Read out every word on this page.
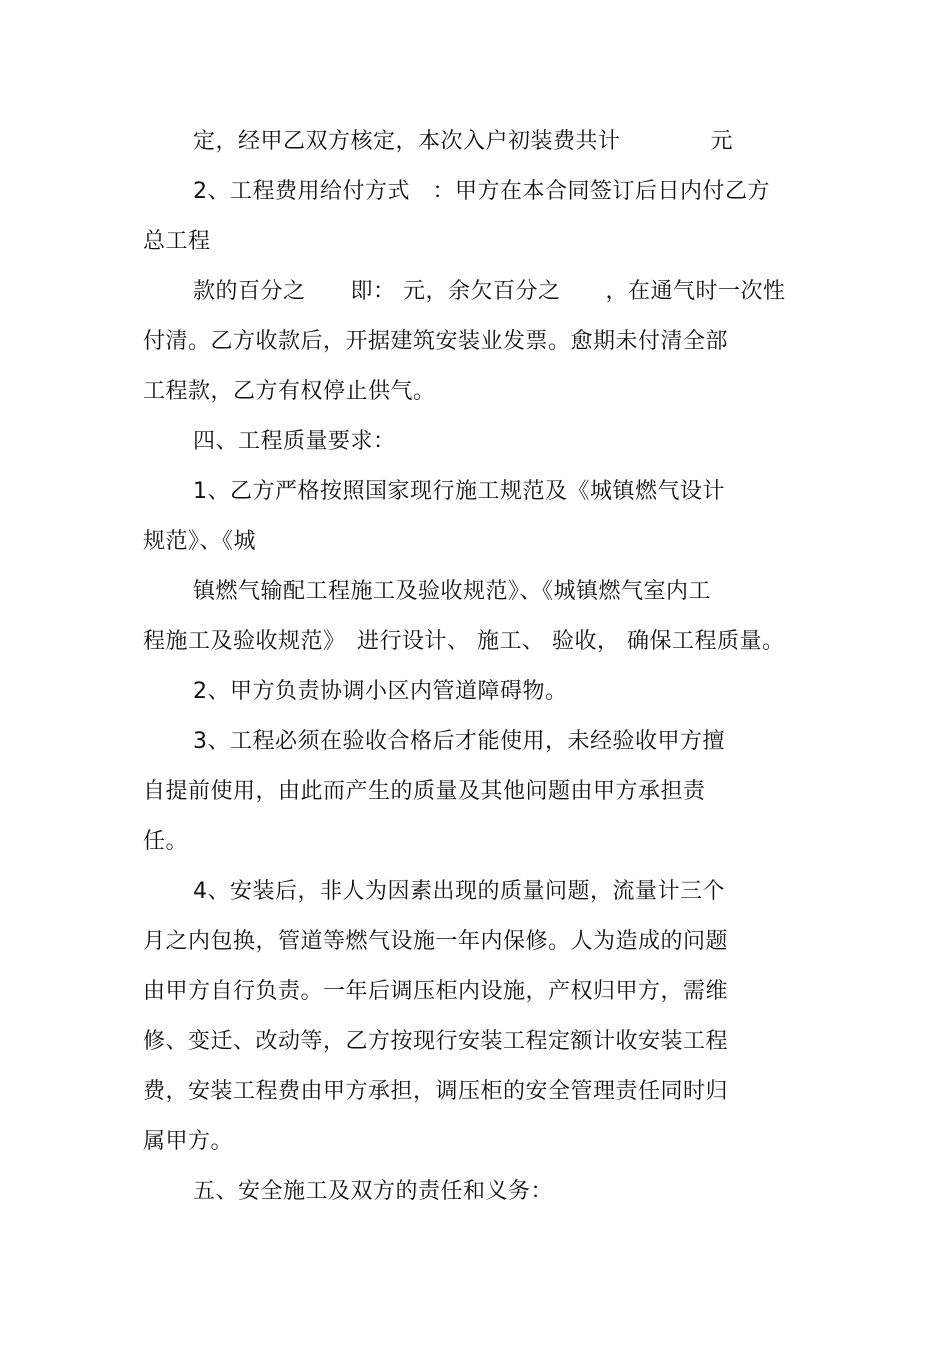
定，经甲乙双方核定，本次入户初装费共计　　　　元
2、工程费用给付方式　：甲方在本合同签订后日内付乙方
总工程
款的百分之　　即： 元，余欠百分之　　，在通气时一次性
付清。乙方收款后，开据建筑安装业发票。愈期未付清全部
工程款，乙方有权停止供气。
四、工程质量要求：
1、乙方严格按照国家现行施工规范及《城镇燃气设计
规范》、《城
镇燃气输配工程施工及验收规范》、《城镇燃气室内工
程施工及验收规范》　进行设计、 施工、 验收， 确保工程质量。
2、甲方负责协调小区内管道障碍物。
3、工程必须在验收合格后才能使用，未经验收甲方擅
自提前使用，由此而产生的质量及其他问题由甲方承担责
任。
4、安装后，非人为因素出现的质量问题，流量计三个
月之内包换，管道等燃气设施一年内保修。人为造成的问题
由甲方自行负责。一年后调压柜内设施，产权归甲方，需维
修、变迁、改动等，乙方按现行安装工程定额计收安装工程
费，安装工程费由甲方承担，调压柜的安全管理责任同时归
属甲方。
五、安全施工及双方的责任和义务：
